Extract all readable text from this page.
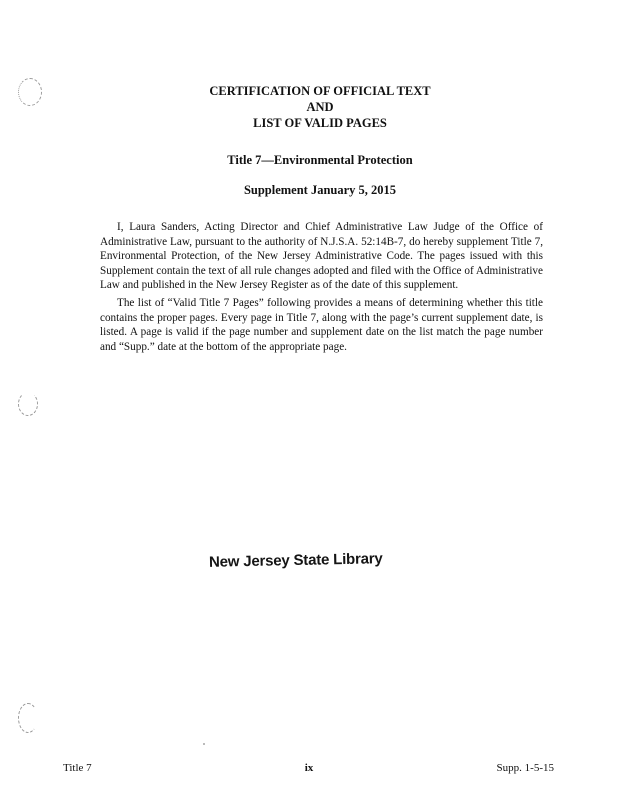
CERTIFICATION OF OFFICIAL TEXT
AND
LIST OF VALID PAGES
Title 7—Environmental Protection
Supplement January 5, 2015

I, Laura Sanders, Acting Director and Chief Administrative Law Judge of the Office of Administrative Law, pursuant to the authority of N.J.S.A. 52:14B-7, do hereby supplement Title 7, Environmental Protection, of the New Jersey Administrative Code. The pages issued with this Supplement contain the text of all rule changes adopted and filed with the Office of Administrative Law and published in the New Jersey Register as of the date of this supplement.

The list of “Valid Title 7 Pages” following provides a means of determining whether this title contains the proper pages. Every page in Title 7, along with the page’s current supplement date, is listed. A page is valid if the page number and supplement date on the list match the page number and “Supp.” date at the bottom of the appropriate page.

New Jersey State Library
Title 7	ix	Supp. 1-5-15
